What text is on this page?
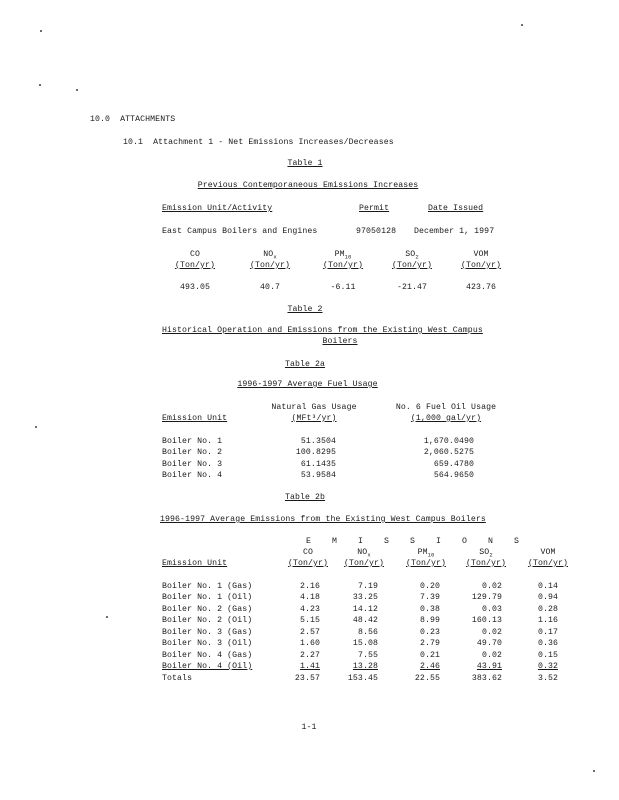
10.0 ATTACHMENTS
10.1 Attachment 1 - Net Emissions Increases/Decreases
Table 1
Previous Contemporaneous Emissions Increases
Emission Unit/Activity	Permit	Date Issued
East Campus Boilers and Engines	97050128 December 1, 1997
CO	$NO_x$	$PM_{10}$	$SO_2$	VOM
(Ton/yr)	(Ton/yr)	(Ton/yr)	(Ton/yr)	(Ton/yr)
493.05	40.7	-6.11	-21.47	423.76
Table 2
Historical Operation and Emissions from the Existing West Campus
Boilers
Table 2a
1996-1997 Average Fuel Usage
Natural Gas Usage	No. 6 Fuel Oil Usage
Emission Unit	(MFt³/yr)	(1,000 gal/yr)
Boiler No. 1	51.3504	1,670.0490
Boiler No. 2	100.8295	2,060.5275
Boiler No. 3	61.1435	659.4780
Boiler No. 4	53.9584	564.9650
Table 2b
1996-1997 Average Emissions from the Existing West Campus Boilers
E	M	I	S	S	I	O	N	S
CO	$NO_x$	$PM_{10}$	$SO_2$	VOM
Emission Unit	(Ton/yr)	(Ton/yr)	(Ton/yr)	(Ton/yr)	(Ton/yr)
Boiler No. 1 (Gas)	2.16	7.19	0.20	0.02	0.14
Boiler No. 1 (Oil)	4.18	33.25	7.39	129.79	0.94
Boiler No. 2 (Gas)	4.23	14.12	0.38	0.03	0.28
Boiler No. 2 (Oil)	5.15	48.42	8.99	160.13	1.16
Boiler No. 3 (Gas)	2.57	8.56	0.23	0.02	0.17
Boiler No. 3 (Oil)	1.60	15.08	2.79	49.70	0.36
Boiler No. 4 (Gas)	2.27	7.55	0.21	0.02	0.15
Boiler No. 4 (Oil)	1.41	13.28	2.46	43.91	0.32
Totals	23.57	153.45	22.55	383.62	3.52
1-1
